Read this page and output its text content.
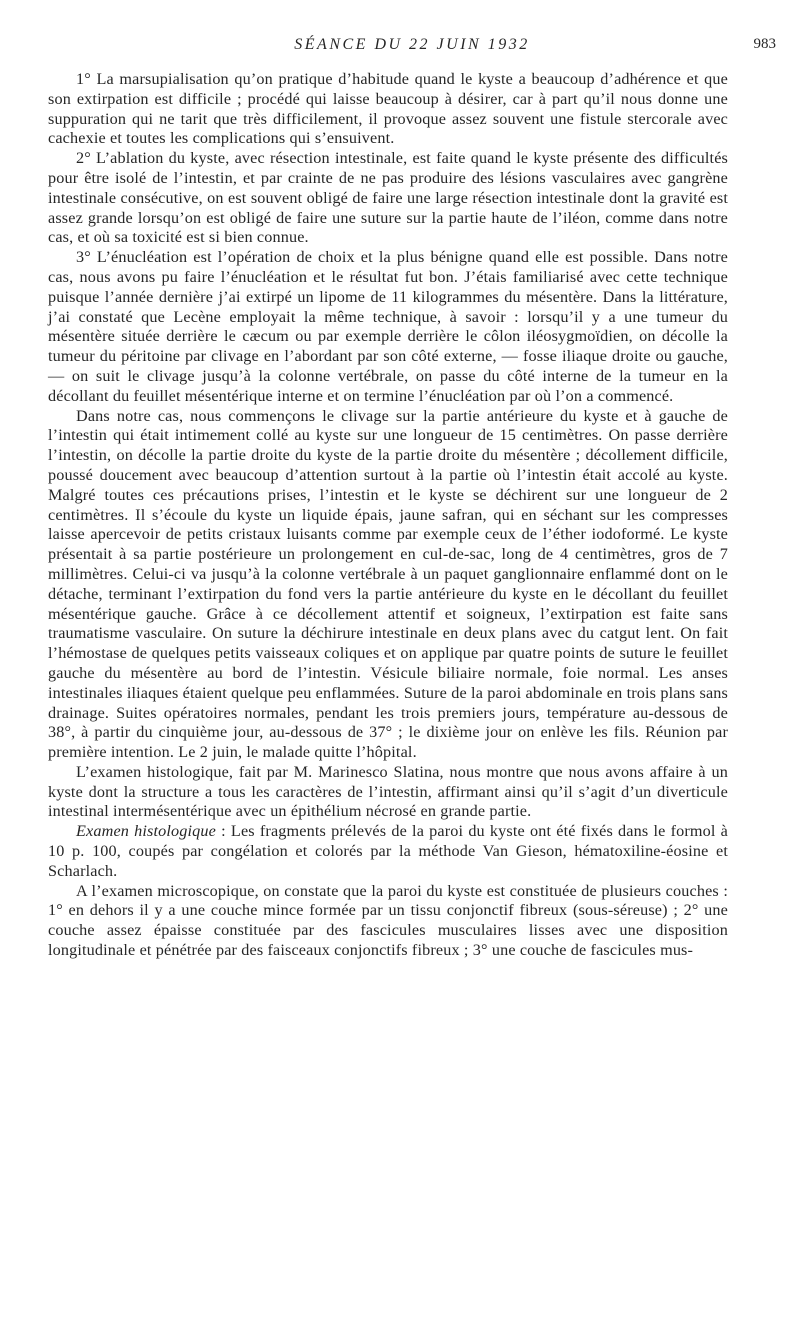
SÉANCE DU 22 JUIN 1932	983

1° La marsupialisation qu’on pratique d’habitude quand le kyste a beaucoup d’adhérence et que son extirpation est difficile ; procédé qui laisse beaucoup à désirer, car à part qu’il nous donne une suppuration qui ne tarit que très difficilement, il provoque assez souvent une fistule stercorale avec cachexie et toutes les complications qui s’ensuivent.

2° L’ablation du kyste, avec résection intestinale, est faite quand le kyste présente des difficultés pour être isolé de l’intestin, et par crainte de ne pas produire des lésions vasculaires avec gangrène intestinale consécutive, on est souvent obligé de faire une large résection intestinale dont la gravité est assez grande lorsqu’on est obligé de faire une suture sur la partie haute de l’iléon, comme dans notre cas, et où sa toxicité est si bien connue.

3° L’énucléation est l’opération de choix et la plus bénigne quand elle est possible. Dans notre cas, nous avons pu faire l’énucléation et le résultat fut bon. J’étais familiarisé avec cette technique puisque l’année dernière j’ai extirpé un lipome de 11 kilogrammes du mésentère. Dans la littérature, j’ai constaté que Lecène employait la même technique, à savoir : lorsqu’il y a une tumeur du mésentère située derrière le cæcum ou par exemple derrière le côlon iléosygmoïdien, on décolle la tumeur du péritoine par clivage en l’abordant par son côté externe, — fosse iliaque droite ou gauche, — on suit le clivage jusqu’à la colonne vertébrale, on passe du côté interne de la tumeur en la décollant du feuillet mésentérique interne et on termine l’énucléation par où l’on a commencé.

Dans notre cas, nous commençons le clivage sur la partie antérieure du kyste et à gauche de l’intestin qui était intimement collé au kyste sur une longueur de 15 centimètres. On passe derrière l’intestin, on décolle la partie droite du kyste de la partie droite du mésentère ; décollement difficile, poussé doucement avec beaucoup d’attention surtout à la partie où l’intestin était accolé au kyste. Malgré toutes ces précautions prises, l’intestin et le kyste se déchirent sur une longueur de 2 centimètres. Il s’écoule du kyste un liquide épais, jaune safran, qui en séchant sur les compresses laisse apercevoir de petits cristaux luisants comme par exemple ceux de l’éther iodoformé. Le kyste présentait à sa partie postérieure un prolongement en cul-de-sac, long de 4 centimètres, gros de 7 millimètres. Celui-ci va jusqu’à la colonne vertébrale à un paquet ganglionnaire enflammé dont on le détache, terminant l’extirpation du fond vers la partie antérieure du kyste en le décollant du feuillet mésentérique gauche. Grâce à ce décollement attentif et soigneux, l’extirpation est faite sans traumatisme vasculaire. On suture la déchirure intestinale en deux plans avec du catgut lent. On fait l’hémostase de quelques petits vaisseaux coliques et on applique par quatre points de suture le feuillet gauche du mésentère au bord de l’intestin. Vésicule biliaire normale, foie normal. Les anses intestinales iliaques étaient quelque peu enflammées. Suture de la paroi abdominale en trois plans sans drainage. Suites opératoires normales, pendant les trois premiers jours, température au-dessous de 38°, à partir du cinquième jour, au-dessous de 37° ; le dixième jour on enlève les fils. Réunion par première intention. Le 2 juin, le malade quitte l’hôpital.

L’examen histologique, fait par M. Marinesco Slatina, nous montre que nous avons affaire à un kyste dont la structure a tous les caractères de l’intestin, affirmant ainsi qu’il s’agit d’un diverticule intestinal intermésentérique avec un épithélium nécrosé en grande partie.

Examen histologique : Les fragments prélevés de la paroi du kyste ont été fixés dans le formol à 10 p. 100, coupés par congélation et colorés par la méthode Van Gieson, hématoxiline-éosine et Scharlach.

A l’examen microscopique, on constate que la paroi du kyste est constituée de plusieurs couches : 1° en dehors il y a une couche mince formée par un tissu conjonctif fibreux (sous-séreuse) ; 2° une couche assez épaisse constituée par des fascicules musculaires lisses avec une disposition longitudinale et pénétrée par des faisceaux conjonctifs fibreux ; 3° une couche de fascicules mus-
